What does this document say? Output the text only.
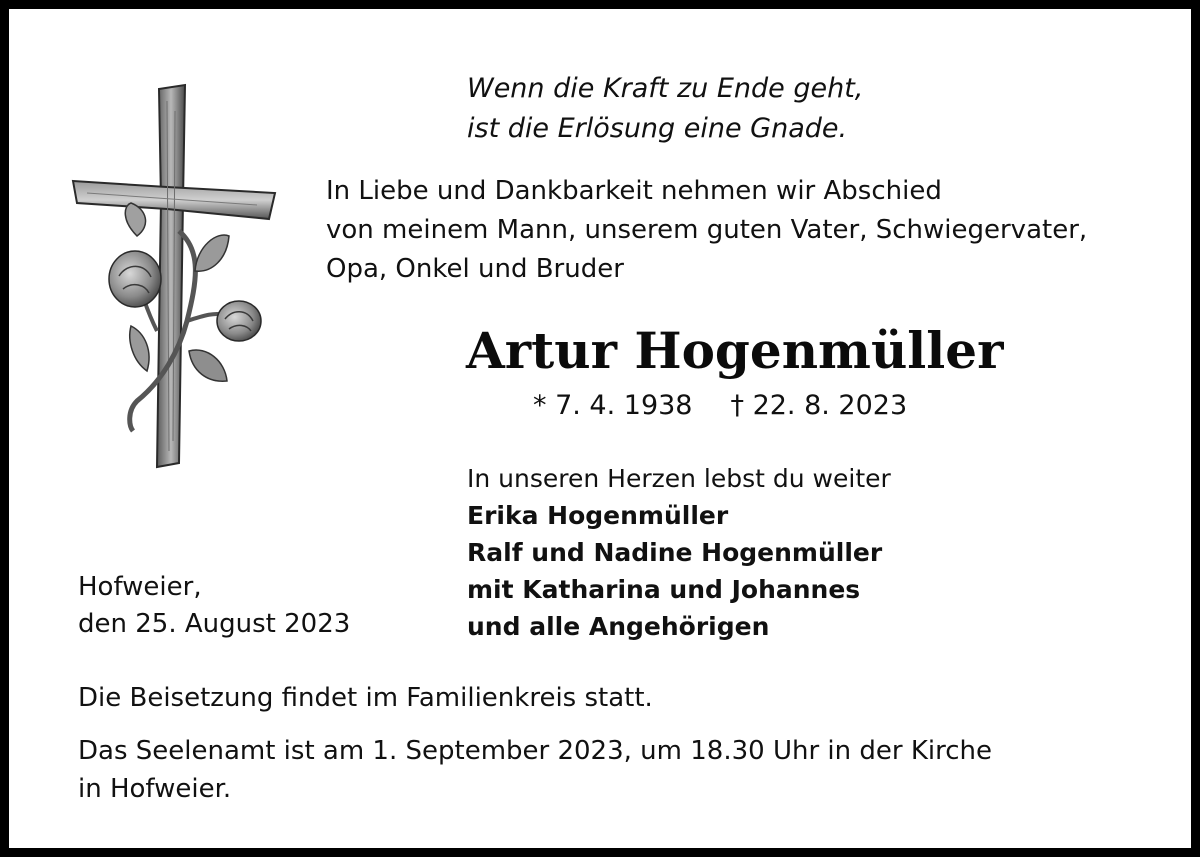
Wenn die Kraft zu Ende geht,
ist die Erlösung eine Gnade.
In Liebe und Dankbarkeit nehmen wir Abschied
von meinem Mann, unserem guten Vater, Schwiegervater,
Opa, Onkel und Bruder
Artur Hogenmüller
* 7. 4. 1938 † 22. 8. 2023
In unseren Herzen lebst du weiter
Erika Hogenmüller
Ralf und Nadine Hogenmüller
mit Katharina und Johannes
und alle Angehörigen
Hofweier,
den 25. August 2023
Die Beisetzung findet im Familienkreis statt.
Das Seelenamt ist am 1. September 2023, um 18.30 Uhr in der Kirche
in Hofweier.
